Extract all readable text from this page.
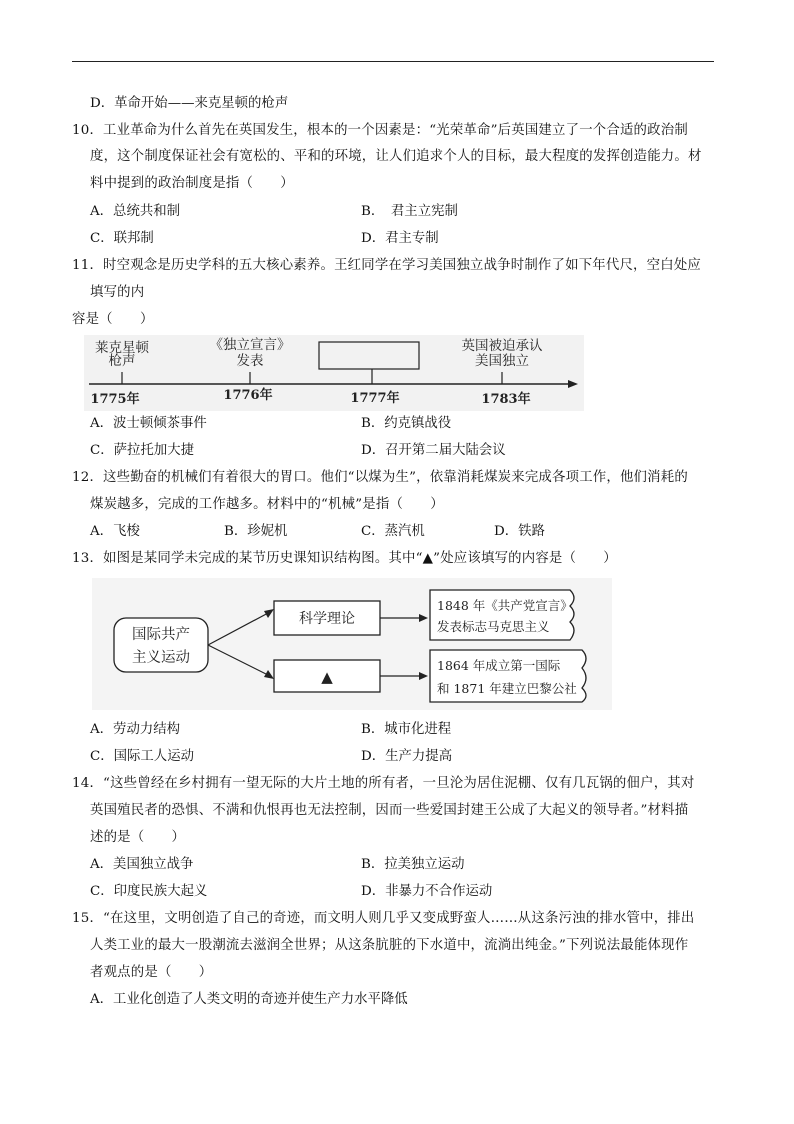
D．革命开始——来克星顿的枪声
10．工业革命为什么首先在英国发生，根本的一个因素是：“光荣革命”后英国建立了一个合适的政治制
度，这个制度保证社会有宽松的、平和的环境，让人们追求个人的目标，最大程度的发挥创造能力。材
料中提到的政治制度是指（　　）
A．总统共和制	B．　君主立宪制
C．联邦制	D．君主专制
11．时空观念是历史学科的五大核心素养。王红同学在学习美国独立战争时制作了如下年代尺，空白处应
填写的内
容是（　　）
莱克星顿
枪声
《独立宣言》
发表
英国被迫承认
美国独立
1775年	1776年	1777年	1783年
A．波士顿倾茶事件	B．约克镇战役
C．萨拉托加大捷	D．召开第二届大陆会议
12．这些勤奋的机械们有着很大的胃口。他们“以煤为生”，依靠消耗煤炭来完成各项工作，他们消耗的
煤炭越多，完成的工作越多。材料中的“机械”是指（　　）
A．飞梭	B．珍妮机	C．蒸汽机	D．铁路
13．如图是某同学未完成的某节历史课知识结构图。其中“▲”处应该填写的内容是（　　）
国际共产
主义运动
科学理论
▲
1848 年《共产党宣言》
发表标志马克思主义
1864 年成立第一国际
和 1871 年建立巴黎公社
A．劳动力结构	B．城市化进程
C．国际工人运动	D．生产力提高
14．“这些曾经在乡村拥有一望无际的大片土地的所有者，一旦沦为居住泥棚、仅有几瓦锅的佃户，其对
英国殖民者的恐惧、不满和仇恨再也无法控制，因而一些爱国封建王公成了大起义的领导者。”材料描
述的是（　　）
A．美国独立战争	B．拉美独立运动
C．印度民族大起义	D．非暴力不合作运动
15．“在这里，文明创造了自己的奇迹，而文明人则几乎又变成野蛮人……从这条污浊的排水管中，排出
人类工业的最大一股潮流去滋润全世界；从这条肮脏的下水道中，流淌出纯金。”下列说法最能体现作
者观点的是（　　）
A．工业化创造了人类文明的奇迹并使生产力水平降低
